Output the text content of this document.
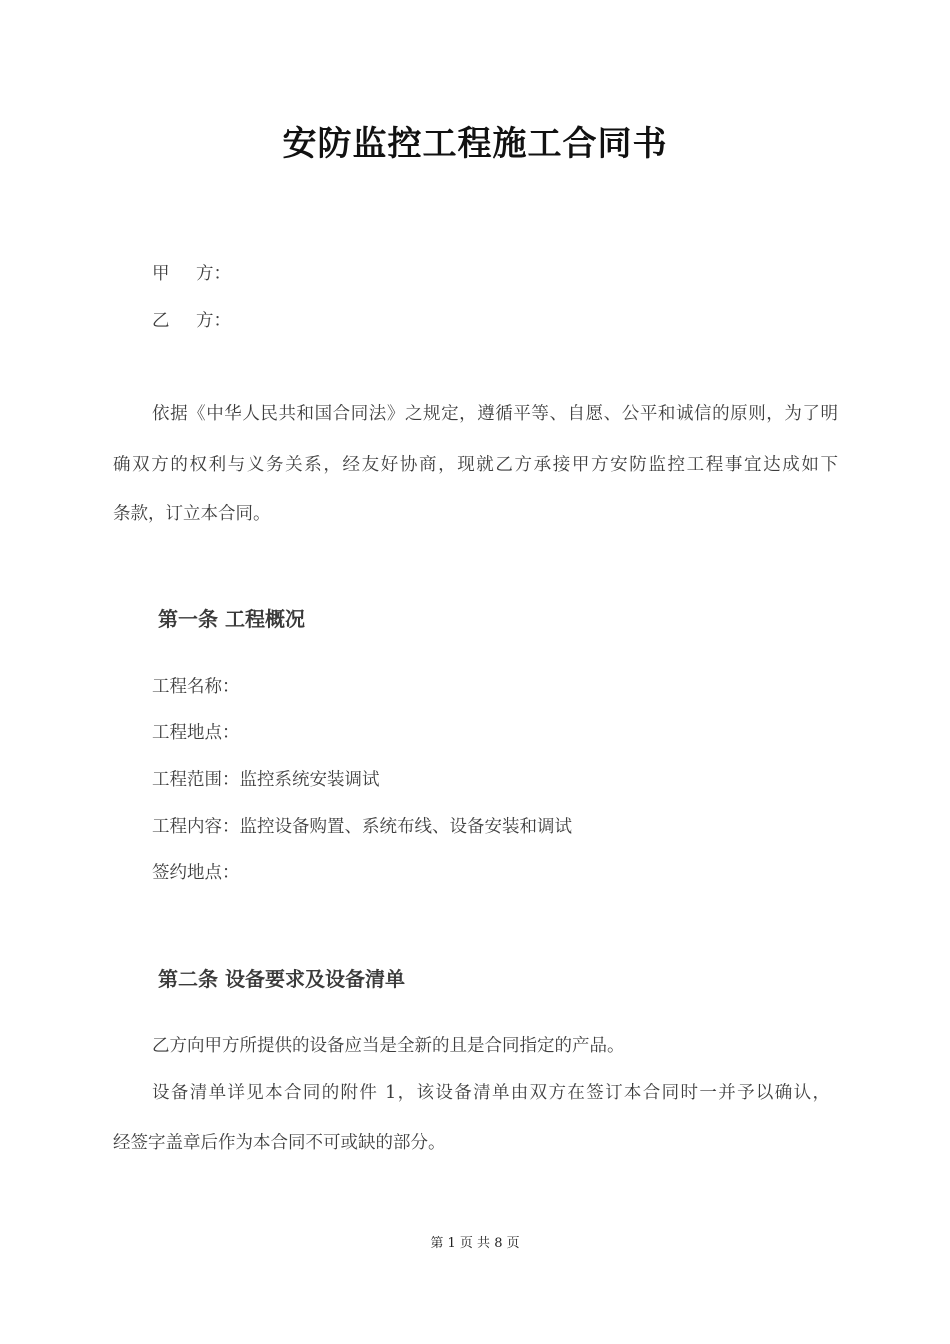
安防监控工程施工合同书
甲 方：
乙 方：
依据《中华人民共和国合同法》之规定，遵循平等、自愿、公平和诚信的原则，为了明
确双方的权利与义务关系，经友好协商，现就乙方承接甲方安防监控工程事宜达成如下
条款，订立本合同。
第一条 工程概况
工程名称：
工程地点：
工程范围：监控系统安装调试
工程内容：监控设备购置、系统布线、设备安装和调试
签约地点：
第二条 设备要求及设备清单
乙方向甲方所提供的设备应当是全新的且是合同指定的产品。
设备清单详见本合同的附件 1，该设备清单由双方在签订本合同时一并予以确认，
经签字盖章后作为本合同不可或缺的部分。
第 1 页 共 8 页
